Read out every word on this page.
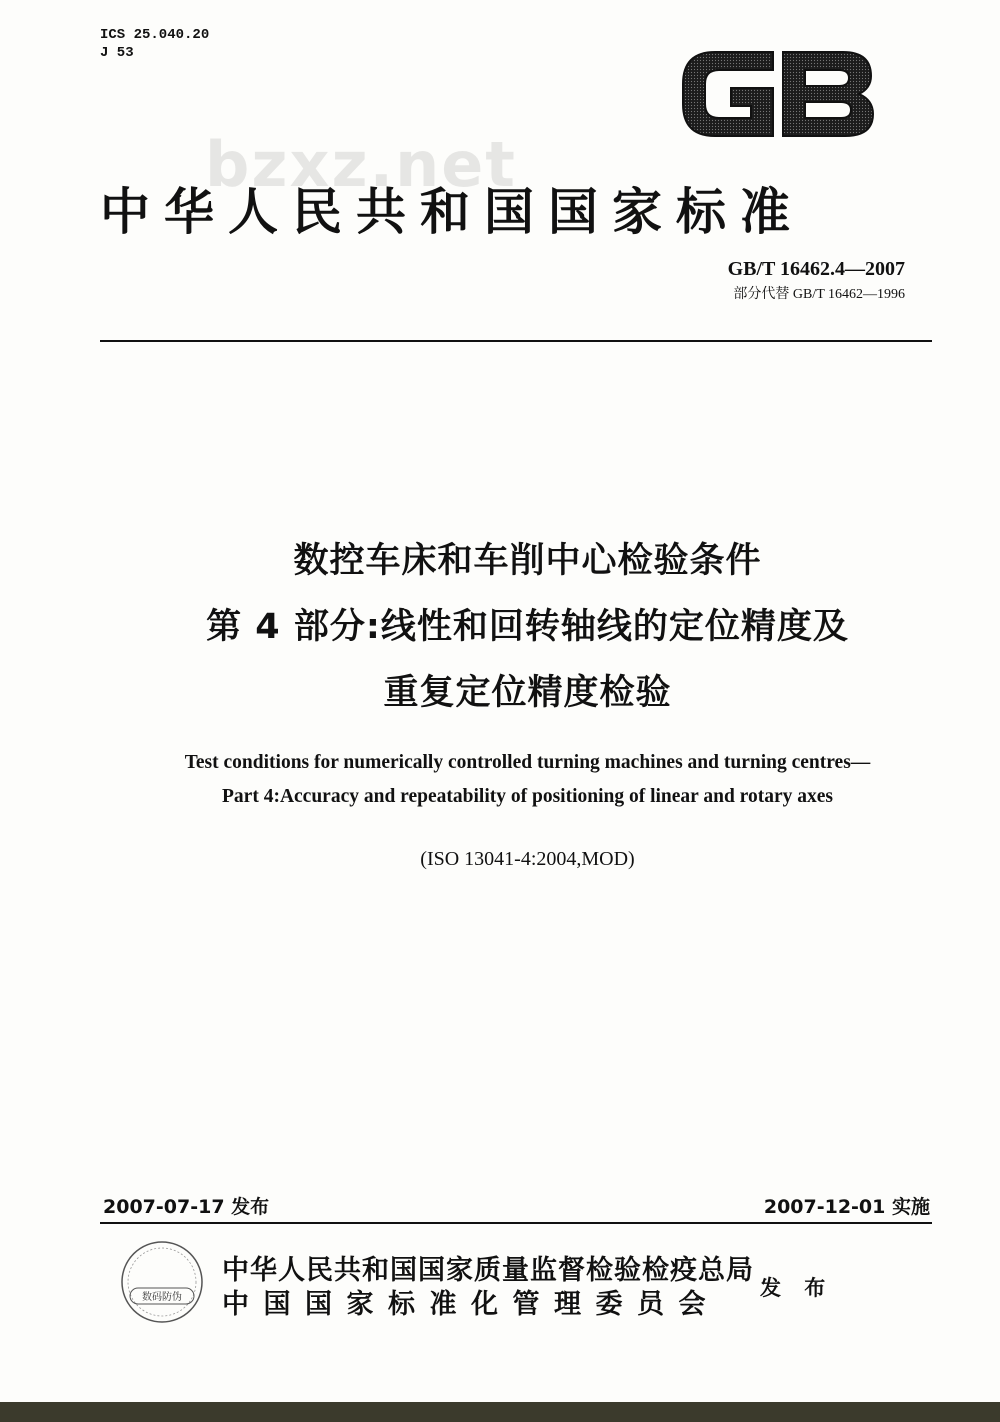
ICS 25.040.20
J 53
bzxz.net
中华人民共和国国家标准
GB/T 16462.4—2007
部分代替 GB/T 16462—1996
数控车床和车削中心检验条件
第 4 部分:线性和回转轴线的定位精度及
重复定位精度检验
Test conditions for numerically controlled turning machines and turning centres—
Part 4:Accuracy and repeatability of positioning of linear and rotary axes
(ISO 13041-4:2004,MOD)
2007-07-17 发布	2007-12-01 实施
数码防伪
中华人民共和国国家质量监督检验检疫总局
中国国家标准化管理委员会
发 布
